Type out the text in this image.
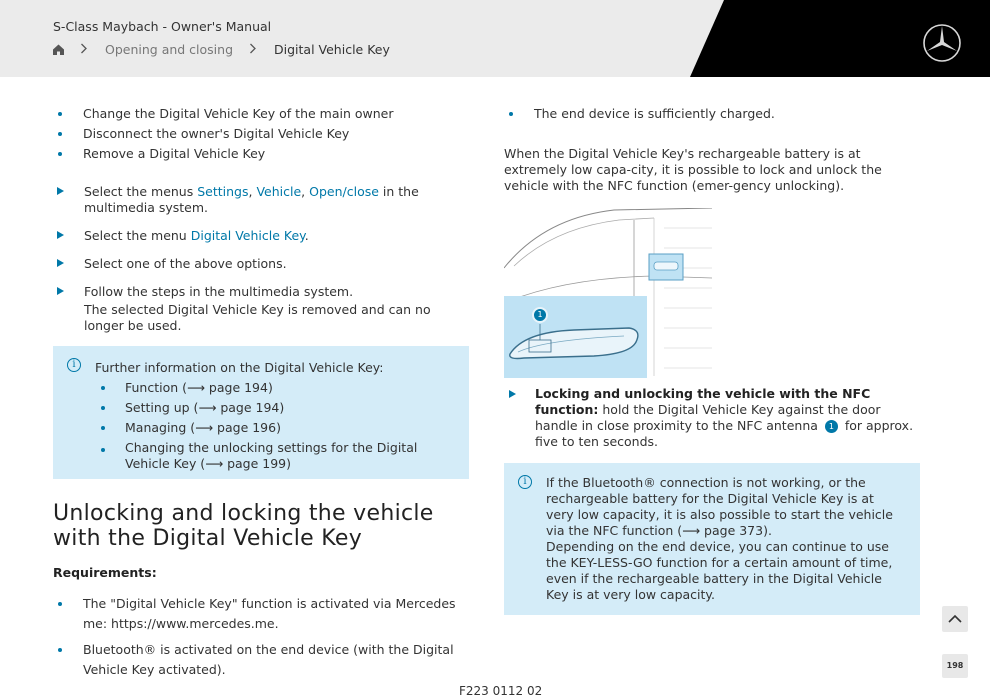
S-Class Maybach - Owner's Manual
Opening and closing	Digital Vehicle Key
Change the Digital Vehicle Key of the main owner
Disconnect the owner's Digital Vehicle Key
Remove a Digital Vehicle Key
Select the menus Settings, Vehicle, Open/close in the multimedia system.
Select the menu Digital Vehicle Key.
Select one of the above options.
Follow the steps in the multimedia system.
The selected Digital Vehicle Key is removed and can no longer be used.
i	Further information on the Digital Vehicle Key:
Function (⟶ page 194)
Setting up (⟶ page 194)
Managing (⟶ page 196)
Changing the unlocking settings for the Digital Vehicle Key (⟶ page 199)
Unlocking and locking the vehicle with the Digital Vehicle Key
Requirements:
The "Digital Vehicle Key" function is activated via Mercedes me: https://www.mercedes.me.
Bluetooth® is activated on the end device (with the Digital Vehicle Key activated).
The end device is sufficiently charged.
When the Digital Vehicle Key's rechargeable battery is at extremely low capa-city, it is possible to lock and unlock the vehicle with the NFC function (emer-gency unlocking).
1
Locking and unlocking the vehicle with the NFC function: hold the Digital Vehicle Key against the door handle in close proximity to the NFC antenna 1 for approx. five to ten seconds.
i	If the Bluetooth® connection is not working, or the rechargeable battery for the Digital Vehicle Key is at very low capacity, it is also possible to start the vehicle via the NFC function (⟶ page 373).
Depending on the end device, you can continue to use the KEY-LESS-GO function for a certain amount of time, even if the rechargeable battery in the Digital Vehicle Key is at very low capacity.
198
F223 0112 02
